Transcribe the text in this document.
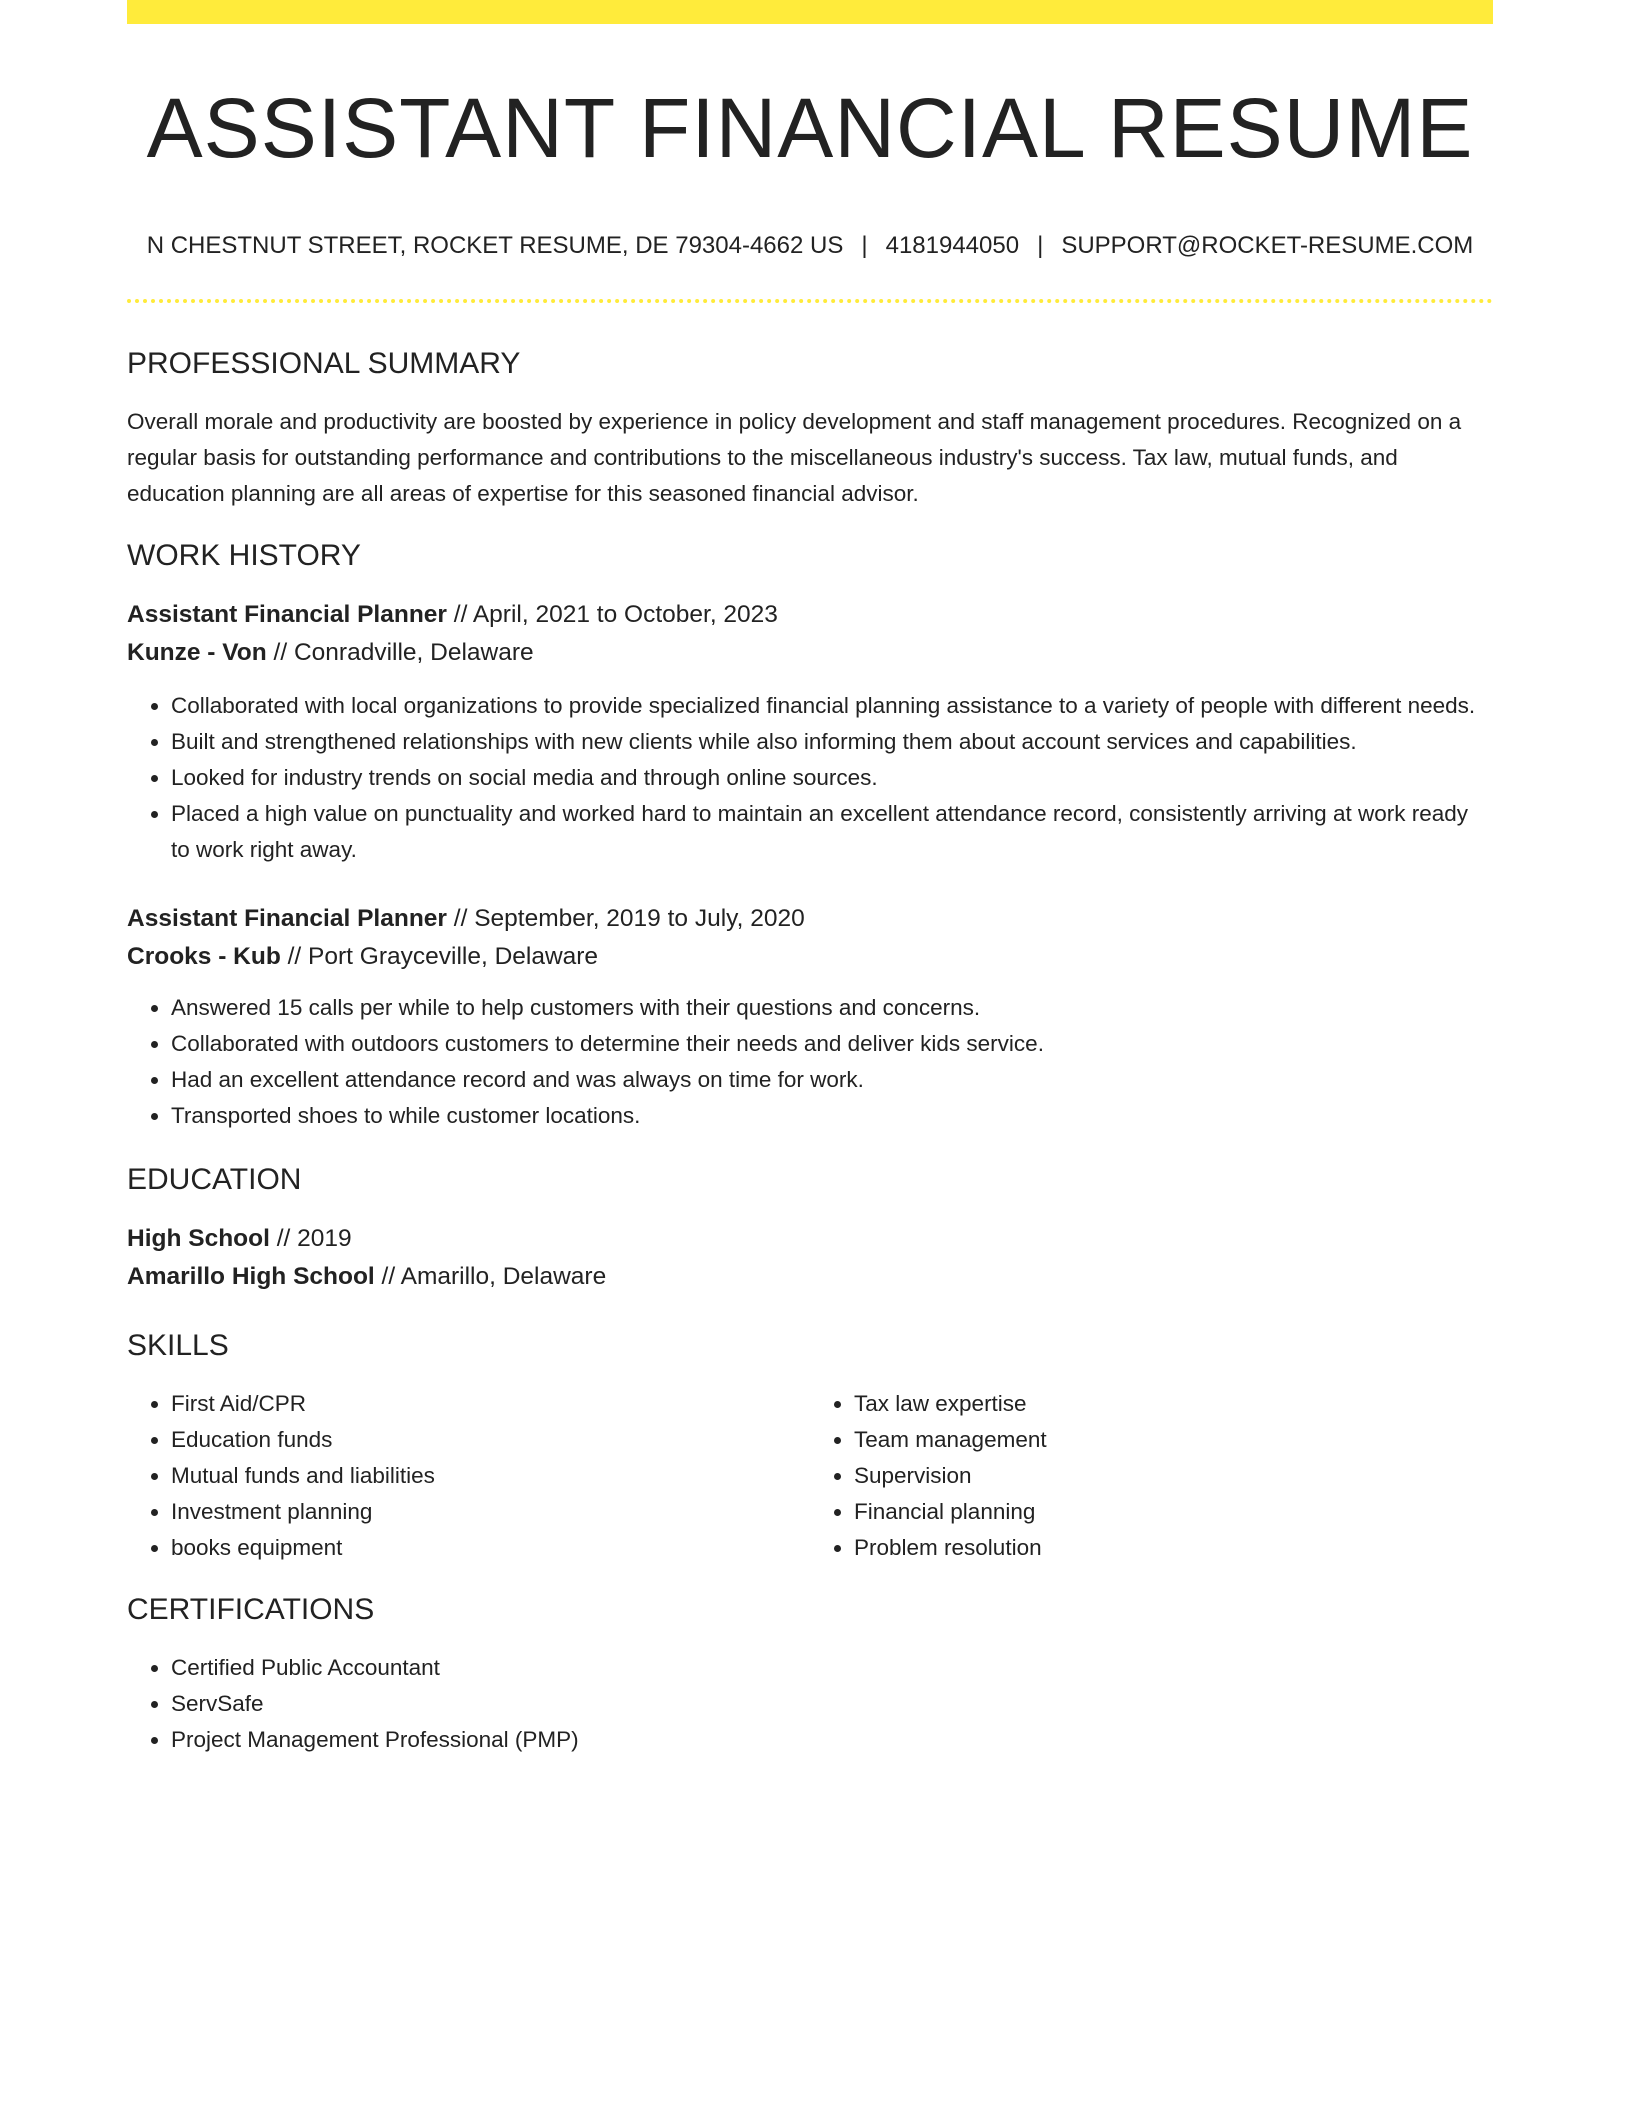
ASSISTANT FINANCIAL RESUME
N CHESTNUT STREET, ROCKET RESUME, DE 79304-4662 US | 4181944050 | SUPPORT@ROCKET-RESUME.COM
PROFESSIONAL SUMMARY

Overall morale and productivity are boosted by experience in policy development and staff management procedures. Recognized on a regular basis for outstanding performance and contributions to the miscellaneous industry's success. Tax law, mutual funds, and education planning are all areas of expertise for this seasoned financial advisor.

WORK HISTORY
Assistant Financial Planner // April, 2021 to October, 2023
Kunze - Von // Conradville, Delaware
• Collaborated with local organizations to provide specialized financial planning assistance to a variety of people with different needs.
• Built and strengthened relationships with new clients while also informing them about account services and capabilities.
• Looked for industry trends on social media and through online sources.
• Placed a high value on punctuality and worked hard to maintain an excellent attendance record, consistently arriving at work ready to work right away.
Assistant Financial Planner // September, 2019 to July, 2020
Crooks - Kub // Port Grayceville, Delaware
• Answered 15 calls per while to help customers with their questions and concerns.
• Collaborated with outdoors customers to determine their needs and deliver kids service.
• Had an excellent attendance record and was always on time for work.
• Transported shoes to while customer locations.
EDUCATION
High School // 2019
Amarillo High School // Amarillo, Delaware
SKILLS
• First Aid/CPR
• Education funds
• Mutual funds and liabilities
• Investment planning
• books equipment
• Tax law expertise
• Team management
• Supervision
• Financial planning
• Problem resolution
CERTIFICATIONS
• Certified Public Accountant
• ServSafe
• Project Management Professional (PMP)
